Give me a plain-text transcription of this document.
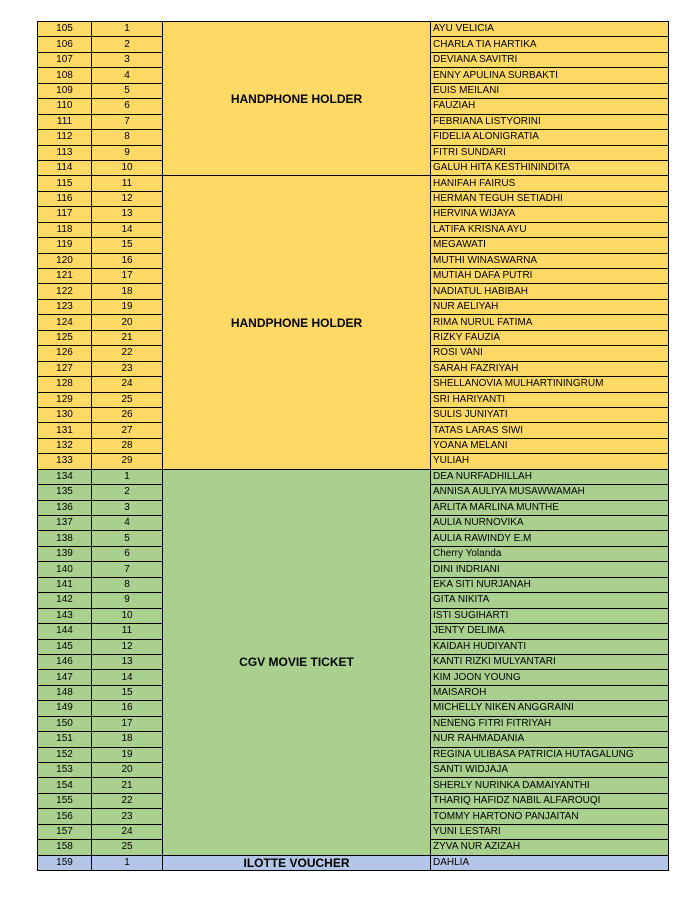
105	1	HANDPHONE HOLDER	AYU VELICIA
106	2		CHARLA TIA HARTIKA
107	3		DEVIANA SAVITRI
108	4		ENNY APULINA SURBAKTI
109	5		EUIS MEILANI
110	6		FAUZIAH
111	7		FEBRIANA LISTYORINI
112	8		FIDELIA ALONIGRATIA
113	9		FITRI SUNDARI
114	10		GALUH HITA KESTHININDITA
115	11	HANDPHONE HOLDER	HANIFAH FAIRUS
116	12		HERMAN TEGUH SETIADHI
117	13		HERVINA WIJAYA
118	14		LATIFA KRISNA AYU
119	15		MEGAWATI
120	16		MUTHI WINASWARNA
121	17		MUTIAH DAFA PUTRI
122	18		NADIATUL HABIBAH
123	19		NUR AELIYAH
124	20		RIMA NURUL FATIMA
125	21		RIZKY FAUZIA
126	22		ROSI VANI
127	23		SARAH FAZRIYAH
128	24		SHELLANOVIA MULHARTININGRUM
129	25		SRI HARIYANTI
130	26		SULIS JUNIYATI
131	27		TATAS LARAS SIWI
132	28		YOANA MELANI
133	29		YULIAH
134	1	CGV MOVIE TICKET	DEA NURFADHILLAH
135	2		ANNISA AULIYA MUSAWWAMAH
136	3		ARLITA MARLINA MUNTHE
137	4		AULIA NURNOVIKA
138	5		AULIA RAWINDY E.M
139	6		Cherry Yolanda
140	7		DINI INDRIANI
141	8		EKA SITI NURJANAH
142	9		GITA NIKITA
143	10		ISTI SUGIHARTI
144	11		JENTY DELIMA
145	12		KAIDAH HUDIYANTI
146	13		KANTI RIZKI MULYANTARI
147	14		KIM JOON YOUNG
148	15		MAISAROH
149	16		MICHELLY NIKEN ANGGRAINI
150	17		NENENG FITRI FITRIYAH
151	18		NUR RAHMADANIA
152	19		REGINA ULIBASA PATRICIA HUTAGALUNG
153	20		SANTI WIDJAJA
154	21		SHERLY NURINKA DAMAIYANTHI
155	22		THARIQ HAFIDZ NABIL ALFAROUQI
156	23		TOMMY HARTONO PANJAITAN
157	24		YUNI LESTARI
158	25		ZYVA NUR AZIZAH
159	1	ILOTTE VOUCHER	DAHLIA
